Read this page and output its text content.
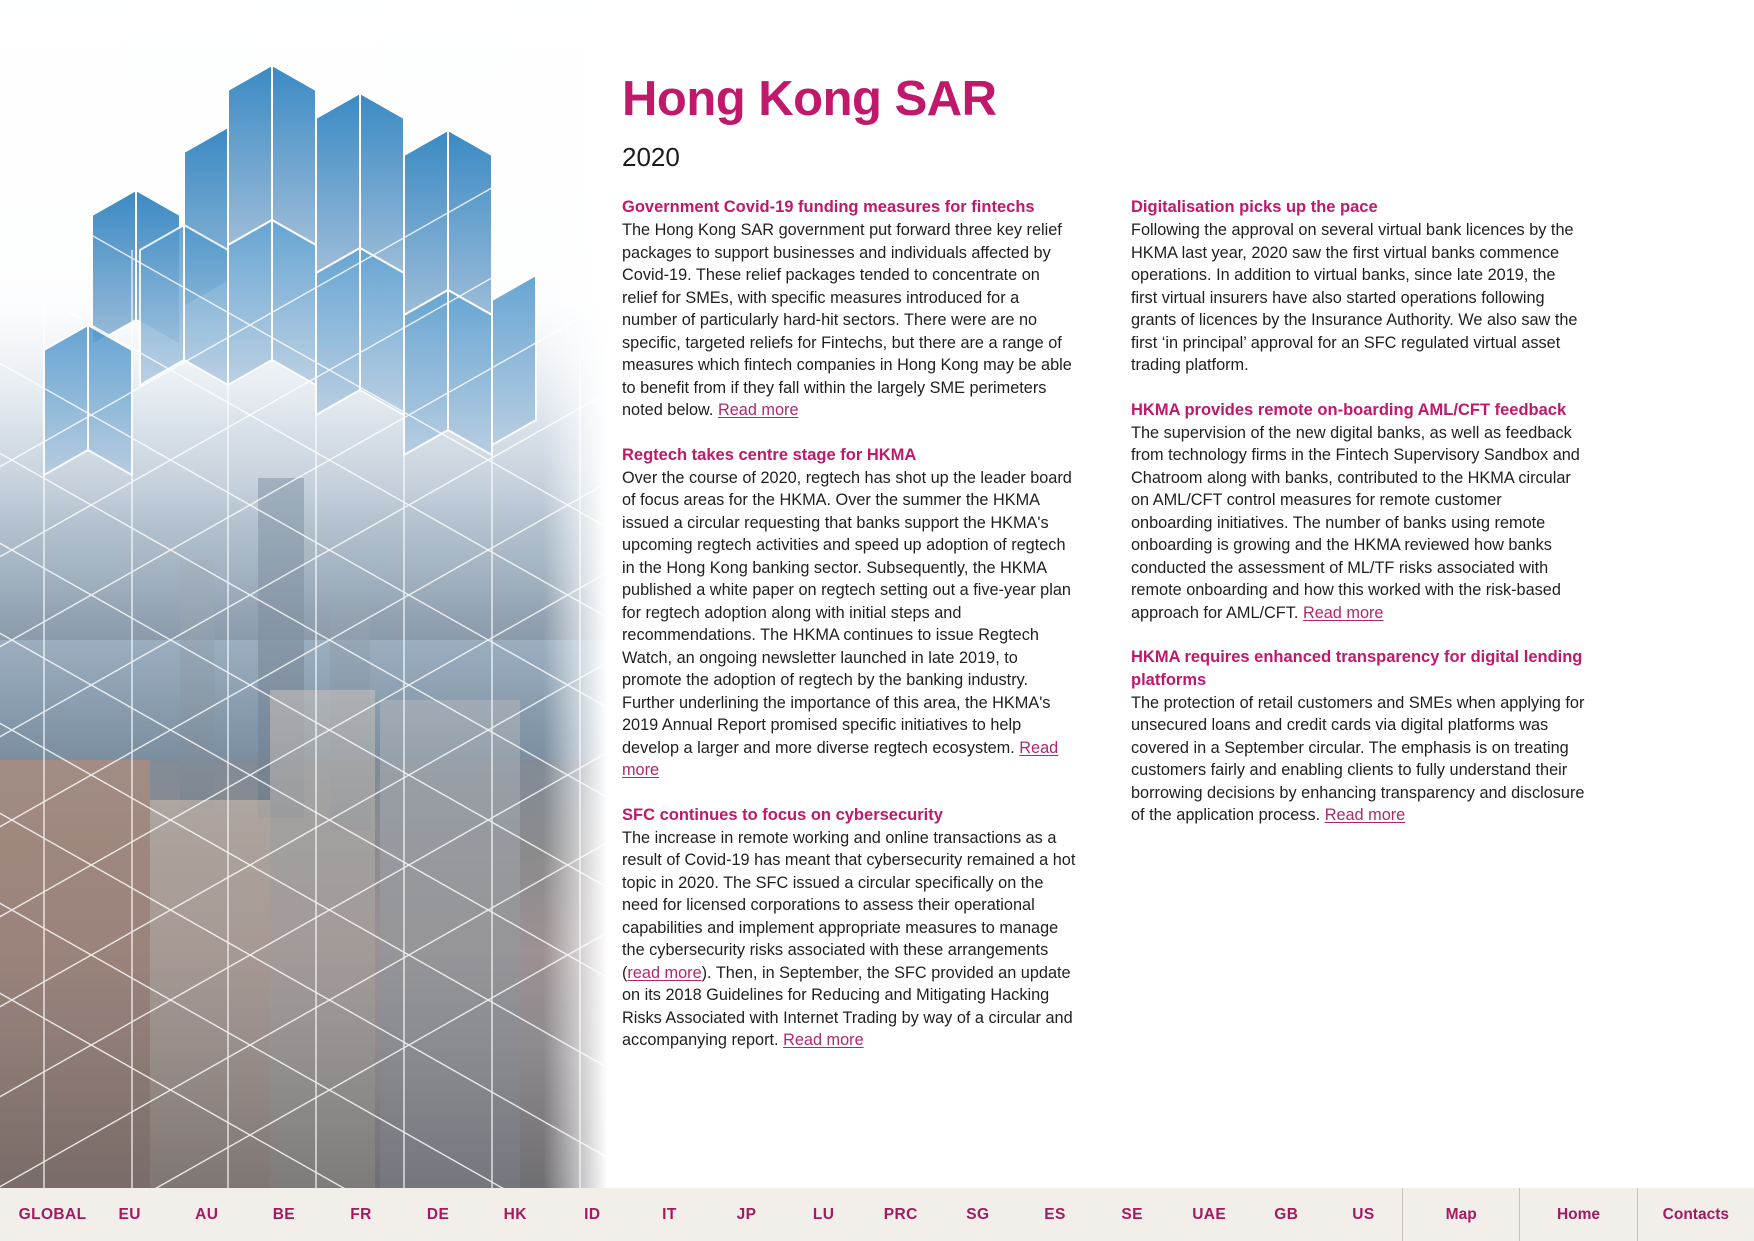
Hong Kong SAR
2020
Government Covid-19 funding measures for fintechs
The Hong Kong SAR government put forward three key relief packages to support businesses and individuals affected by Covid-19. These relief packages tended to concentrate on relief for SMEs, with specific measures introduced for a number of particularly hard-hit sectors. There were are no specific, targeted reliefs for Fintechs, but there are a range of measures which fintech companies in Hong Kong may be able to benefit from if they fall within the largely SME perimeters noted below. Read more
Regtech takes centre stage for HKMA
Over the course of 2020, regtech has shot up the leader board of focus areas for the HKMA. Over the summer the HKMA issued a circular requesting that banks support the HKMA's upcoming regtech activities and speed up adoption of regtech in the Hong Kong banking sector. Subsequently, the HKMA published a white paper on regtech setting out a five-year plan for regtech adoption along with initial steps and recommendations. The HKMA continues to issue Regtech Watch, an ongoing newsletter launched in late 2019, to promote the adoption of regtech by the banking industry. Further underlining the importance of this area, the HKMA's 2019 Annual Report promised specific initiatives to help develop a larger and more diverse regtech ecosystem. Read more
SFC continues to focus on cybersecurity
The increase in remote working and online transactions as a result of Covid-19 has meant that cybersecurity remained a hot topic in 2020. The SFC issued a circular specifically on the need for licensed corporations to assess their operational capabilities and implement appropriate measures to manage the cybersecurity risks associated with these arrangements (read more). Then, in September, the SFC provided an update on its 2018 Guidelines for Reducing and Mitigating Hacking Risks Associated with Internet Trading by way of a circular and accompanying report. Read more
Digitalisation picks up the pace
Following the approval on several virtual bank licences by the HKMA last year, 2020 saw the first virtual banks commence operations. In addition to virtual banks, since late 2019, the first virtual insurers have also started operations following grants of licences by the Insurance Authority. We also saw the first ‘in principal’ approval for an SFC regulated virtual asset trading platform.
HKMA provides remote on-boarding AML/CFT feedback
The supervision of the new digital banks, as well as feedback from technology firms in the Fintech Supervisory Sandbox and Chatroom along with banks, contributed to the HKMA circular on AML/CFT control measures for remote customer onboarding initiatives. The number of banks using remote onboarding is growing and the HKMA reviewed how banks conducted the assessment of ML/TF risks associated with remote onboarding and how this worked with the risk-based approach for AML/CFT. Read more
HKMA requires enhanced transparency for digital lending platforms
The protection of retail customers and SMEs when applying for unsecured loans and credit cards via digital platforms was covered in a September circular. The emphasis is on treating customers fairly and enabling clients to fully understand their borrowing decisions by enhancing transparency and disclosure of the application process. Read more
GLOBAL	EU	AU	BE	FR	DE	HK	ID	IT	JP	LU	PRC	SG	ES	SE	UAE	GB	US	Map	Home	Contacts
